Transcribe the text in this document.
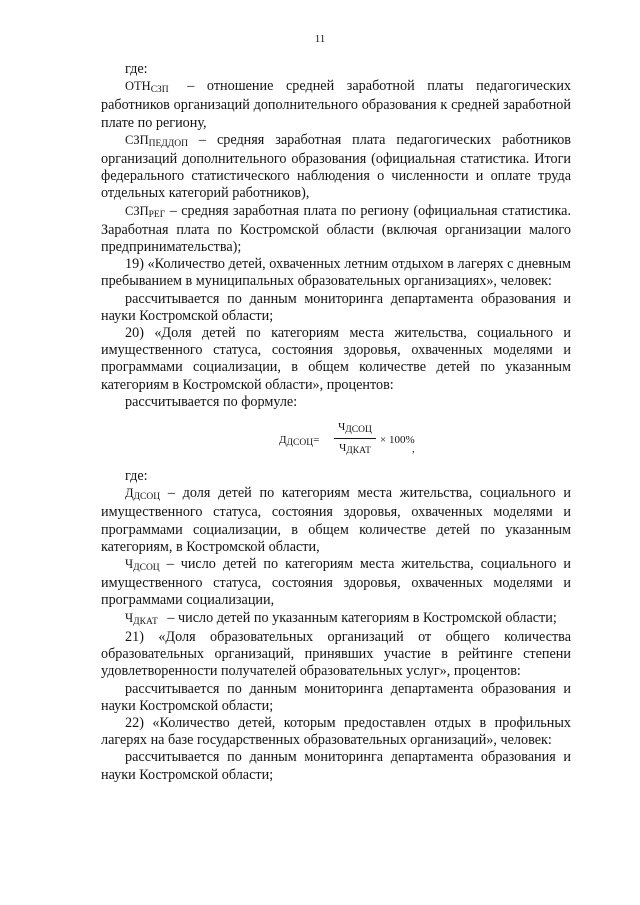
11

где:

ОТНСЗП – отношение средней заработной платы педагогических работников организаций дополнительного образования к средней заработной плате по региону,

СЗППЕДДОП – средняя заработная плата педагогических работников организаций дополнительного образования (официальная статистика. Итоги федерального статистического наблюдения о численности и оплате труда отдельных категорий работников),

СЗПРЕГ – средняя заработная плата по региону (официальная статистика. Заработная плата по Костромской области (включая организации малого предпринимательства);

19) «Количество детей, охваченных летним отдыхом в лагерях с дневным пребыванием в муниципальных образовательных организациях», человек:

рассчитывается по данным мониторинга департамента образования и науки Костромской области;

20) «Доля детей по категориям места жительства, социального и имущественного статуса, состояния здоровья, охваченных моделями и программами социализации, в общем количестве детей по указанным категориям в Костромской области», процентов:

рассчитывается по формуле:

ДДСОЦ=
ЧДСОЦ
ЧДКАТ
× 100%
,

где:

ДДСОЦ – доля детей по категориям места жительства, социального и имущественного статуса, состояния здоровья, охваченных моделями и программами социализации, в общем количестве детей по указанным категориям, в Костромской области,

ЧДСОЦ – число детей по категориям места жительства, социального и имущественного статуса, состояния здоровья, охваченных моделями и программами социализации,

ЧДКАТ – число детей по указанным категориям в Костромской области;

21) «Доля образовательных организаций от общего количества образовательных организаций, принявших участие в рейтинге степени удовлетворенности получателей образовательных услуг», процентов:

рассчитывается по данным мониторинга департамента образования и науки Костромской области;

22) «Количество детей, которым предоставлен отдых в профильных лагерях на базе государственных образовательных организаций», человек:

рассчитывается по данным мониторинга департамента образования и науки Костромской области;
